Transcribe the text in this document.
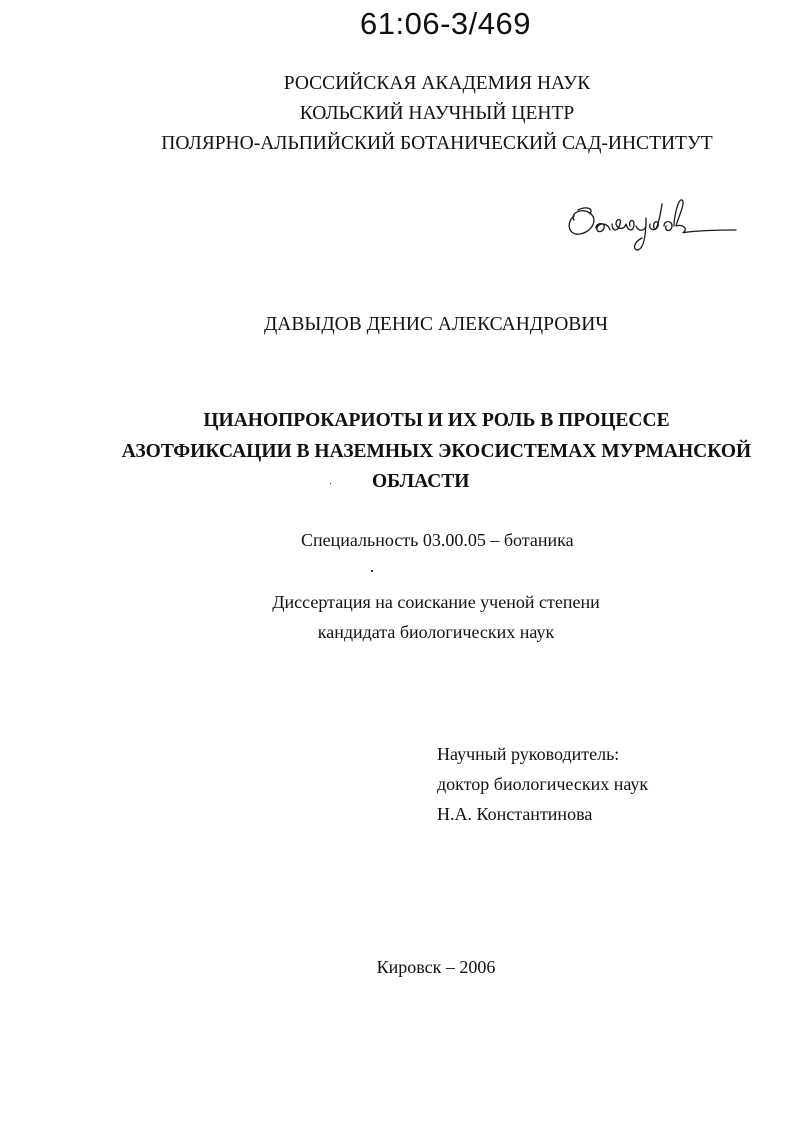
61:06-3/469
РОССИЙСКАЯ АКАДЕМИЯ НАУК
КОЛЬСКИЙ НАУЧНЫЙ ЦЕНТР
ПОЛЯРНО-АЛЬПИЙСКИЙ БОТАНИЧЕСКИЙ САД-ИНСТИТУТ
ДАВЫДОВ ДЕНИС АЛЕКСАНДРОВИЧ
ЦИАНОПРОКАРИОТЫ И ИХ РОЛЬ В ПРОЦЕССЕ
АЗОТФИКСАЦИИ В НАЗЕМНЫХ ЭКОСИСТЕМАХ МУРМАНСКОЙ
ОБЛАСТИ
Специальность 03.00.05 – ботаника
Диссертация на соискание ученой степени
кандидата биологических наук
Научный руководитель:
доктор биологических наук
Н.А. Константинова
Кировск – 2006
